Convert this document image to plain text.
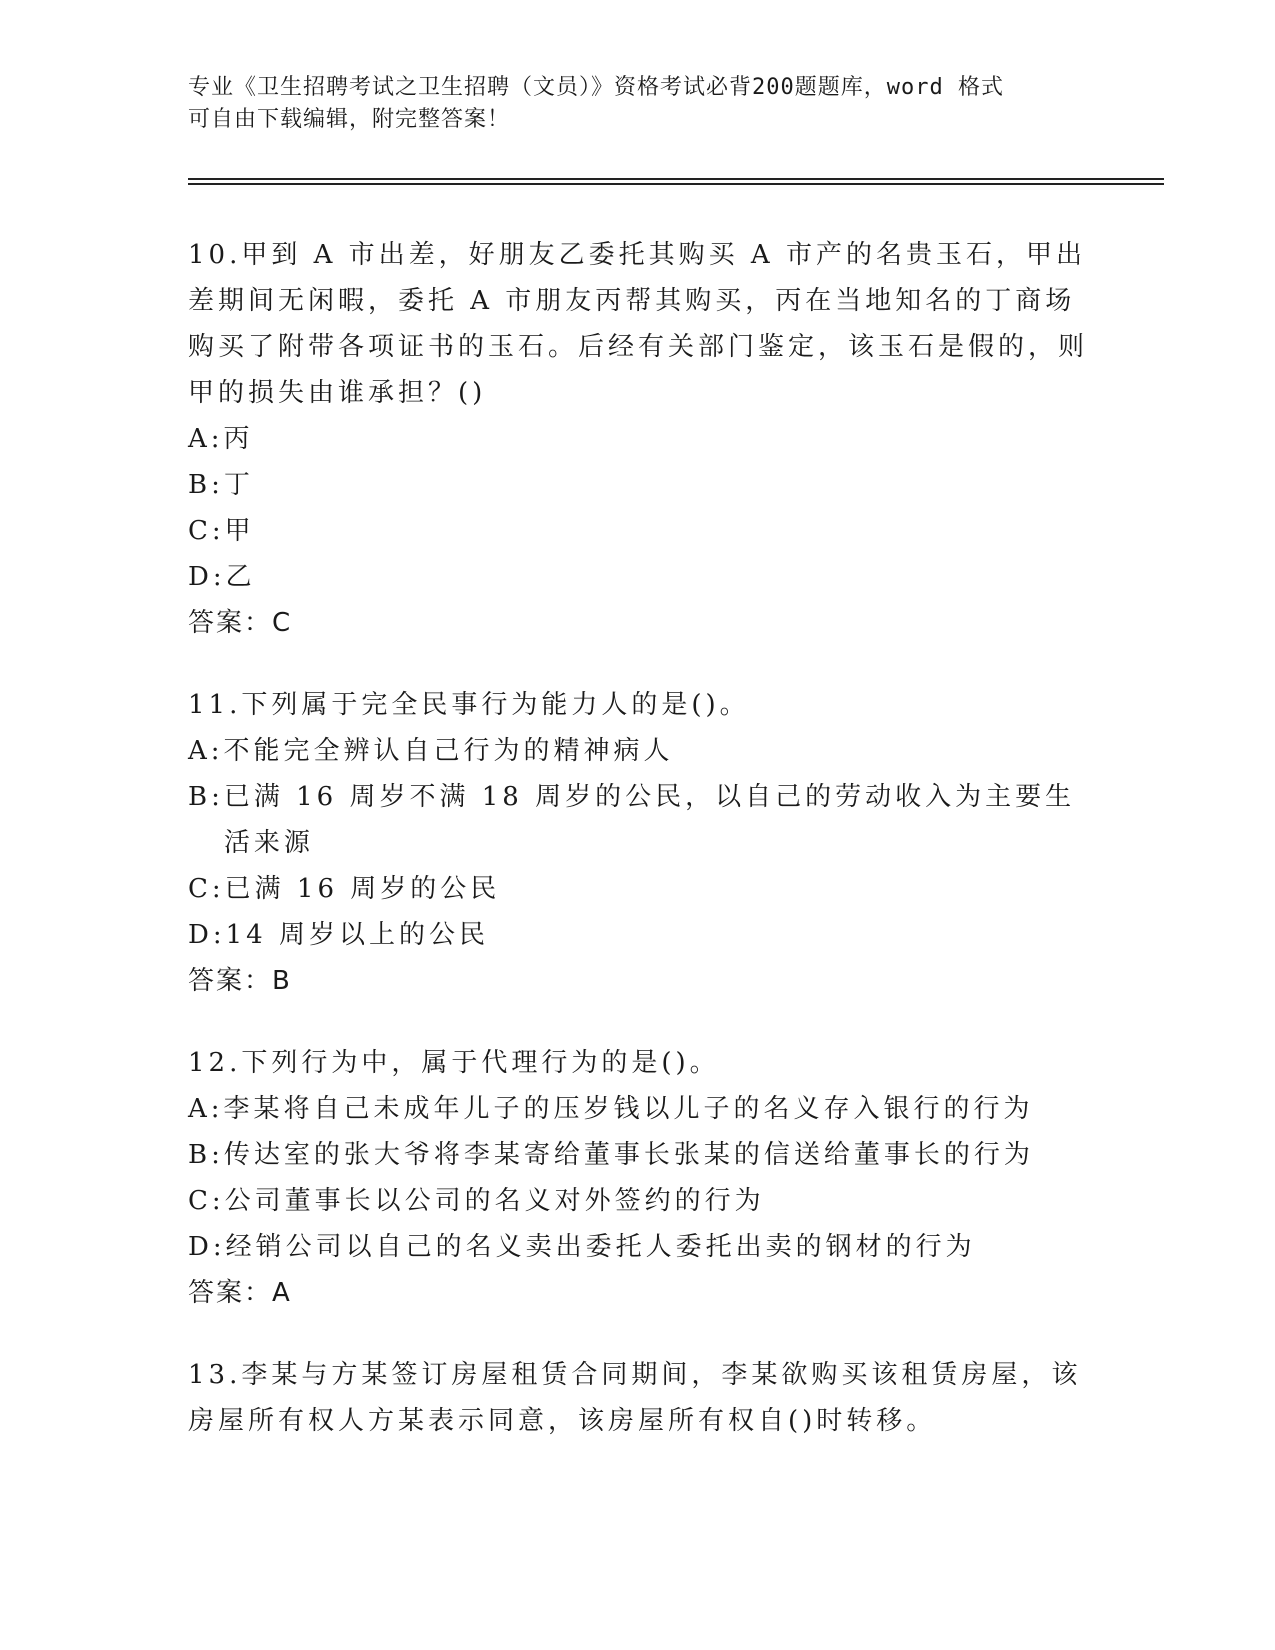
专业《卫生招聘考试之卫生招聘（文员）》资格考试必背200题题库，word 格式
可自由下载编辑，附完整答案！
10.甲到 A 市出差，好朋友乙委托其购买 A 市产的名贵玉石，甲出差期间无闲暇，委托 A 市朋友丙帮其购买，丙在当地知名的丁商场购买了附带各项证书的玉石。后经有关部门鉴定，该玉石是假的，则甲的损失由谁承担？()
A: 丙
B: 丁
C: 甲
D: 乙
答案：C
11.下列属于完全民事行为能力人的是()。
A: 不能完全辨认自己行为的精神病人
B: 已满 16 周岁不满 18 周岁的公民，以自己的劳动收入为主要生活来源
C: 已满 16 周岁的公民
D: 14 周岁以上的公民
答案：B
12.下列行为中，属于代理行为的是()。
A: 李某将自己未成年儿子的压岁钱以儿子的名义存入银行的行为
B: 传达室的张大爷将李某寄给董事长张某的信送给董事长的行为
C: 公司董事长以公司的名义对外签约的行为
D: 经销公司以自己的名义卖出委托人委托出卖的钢材的行为
答案：A
13.李某与方某签订房屋租赁合同期间，李某欲购买该租赁房屋，该房屋所有权人方某表示同意，该房屋所有权自()时转移。
